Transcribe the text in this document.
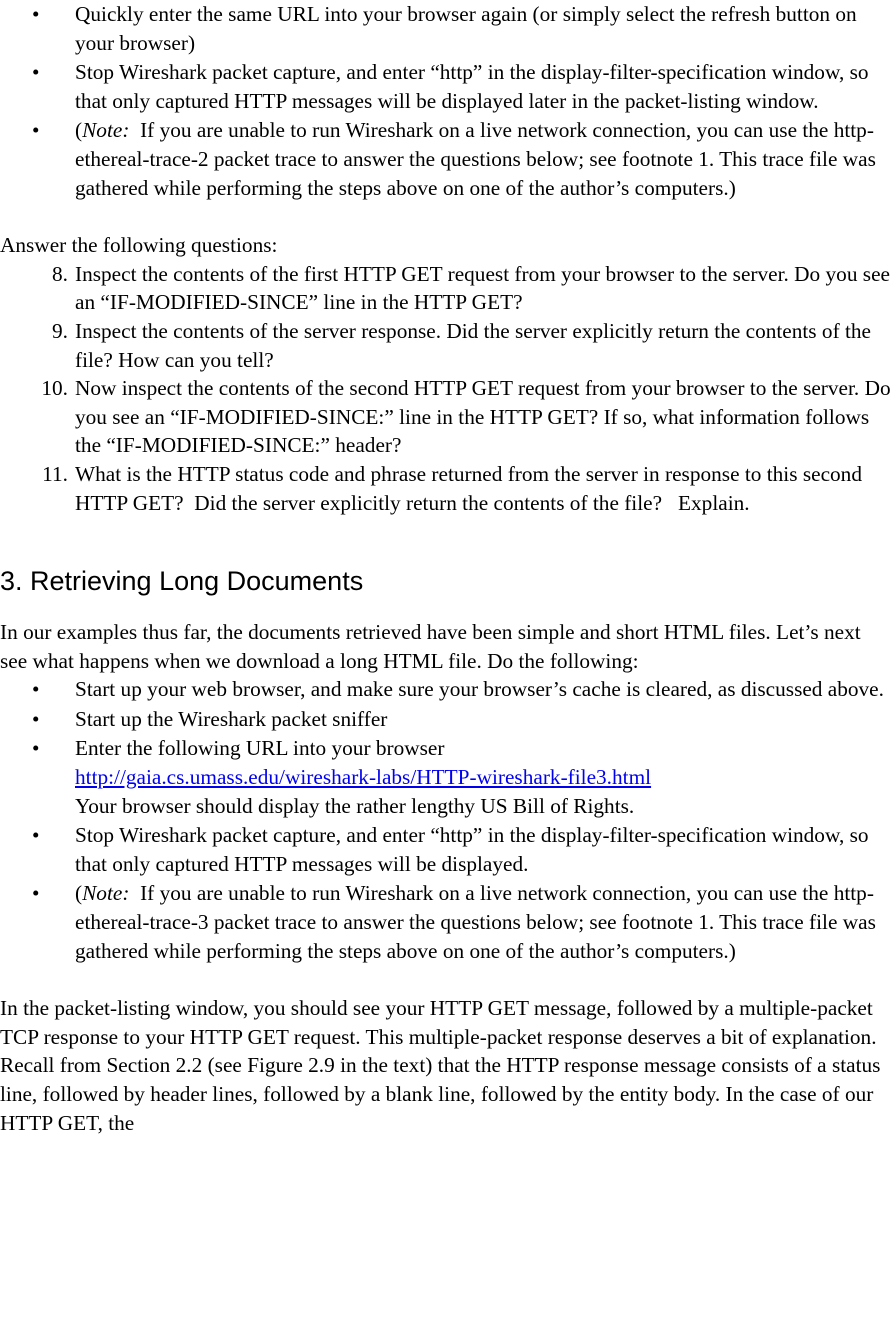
• Quickly enter the same URL into your browser again (or simply select the refresh button on your browser)
• Stop Wireshark packet capture, and enter “http” in the display-filter-specification window, so that only captured HTTP messages will be displayed later in the packet-listing window.
• (Note:  If you are unable to run Wireshark on a live network connection, you can use the http-ethereal-trace-2 packet trace to answer the questions below; see footnote 1. This trace file was gathered while performing the steps above on one of the author’s computers.)

Answer the following questions:

8. Inspect the contents of the first HTTP GET request from your browser to the server. Do you see an “IF-MODIFIED-SINCE” line in the HTTP GET?
9. Inspect the contents of the server response. Did the server explicitly return the contents of the file? How can you tell?
10. Now inspect the contents of the second HTTP GET request from your browser to the server. Do you see an “IF-MODIFIED-SINCE:” line in the HTTP GET? If so, what information follows the “IF-MODIFIED-SINCE:” header?
11. What is the HTTP status code and phrase returned from the server in response to this second HTTP GET?  Did the server explicitly return the contents of the file?   Explain.
3. Retrieving Long Documents

In our examples thus far, the documents retrieved have been simple and short HTML files. Let’s next see what happens when we download a long HTML file. Do the following:

• Start up your web browser, and make sure your browser’s cache is cleared, as discussed above.
• Start up the Wireshark packet sniffer
• Enter the following URL into your browser
http://gaia.cs.umass.edu/wireshark-labs/HTTP-wireshark-file3.html
Your browser should display the rather lengthy US Bill of Rights.
• Stop Wireshark packet capture, and enter “http” in the display-filter-specification window, so that only captured HTTP messages will be displayed.
• (Note:  If you are unable to run Wireshark on a live network connection, you can use the http-ethereal-trace-3 packet trace to answer the questions below; see footnote 1. This trace file was gathered while performing the steps above on one of the author’s computers.)

In the packet-listing window, you should see your HTTP GET message, followed by a multiple-packet TCP response to your HTTP GET request. This multiple-packet response deserves a bit of explanation. Recall from Section 2.2 (see Figure 2.9 in the text) that the HTTP response message consists of a status line, followed by header lines, followed by a blank line, followed by the entity body. In the case of our HTTP GET, the
